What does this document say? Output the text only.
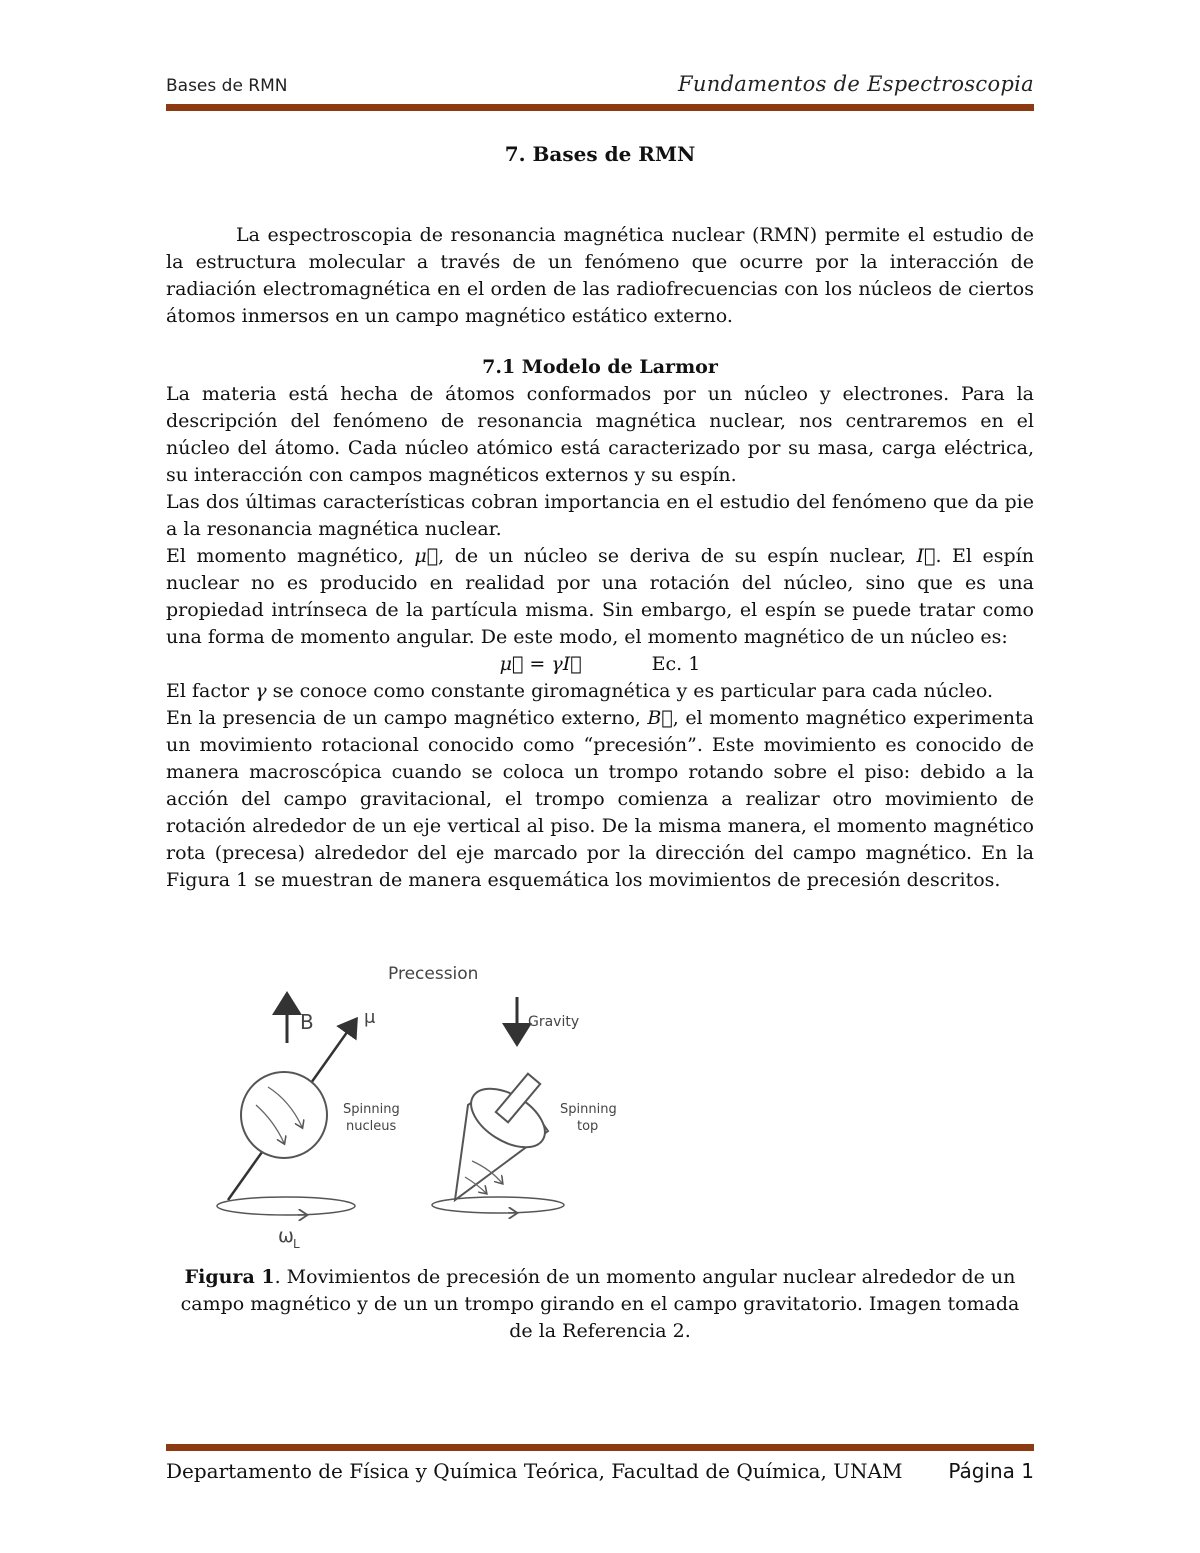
Bases de RMN	Fundamentos de Espectroscopia
7. Bases de RMN

La espectroscopia de resonancia magnética nuclear (RMN) permite el estudio de la estructura molecular a través de un fenómeno que ocurre por la interacción de radiación electromagnética en el orden de las radiofrecuencias con los núcleos de ciertos átomos inmersos en un campo magnético estático externo.

7.1 Modelo de Larmor

La materia está hecha de átomos conformados por un núcleo y electrones. Para la descripción del fenómeno de resonancia magnética nuclear, nos centraremos en el núcleo del átomo. Cada núcleo atómico está caracterizado por su masa, carga eléctrica, su interacción con campos magnéticos externos y su espín.

Las dos últimas características cobran importancia en el estudio del fenómeno que da pie a la resonancia magnética nuclear.

El momento magnético, μ⃗, de un núcleo se deriva de su espín nuclear, I⃗. El espín nuclear no es producido en realidad por una rotación del núcleo, sino que es una propiedad intrínseca de la partícula misma. Sin embargo, el espín se puede tratar como una forma de momento angular. De este modo, el momento magnético de un núcleo es:

μ⃗ = γI⃗	Ec. 1

El factor γ se conoce como constante giromagnética y es particular para cada núcleo.

En la presencia de un campo magnético externo, B⃗, el momento magnético experimenta un movimiento rotacional conocido como “precesión”. Este movimiento es conocido de manera macroscópica cuando se coloca un trompo rotando sobre el piso: debido a la acción del campo gravitacional, el trompo comienza a realizar otro movimiento de rotación alrededor de un eje vertical al piso. De la misma manera, el momento magnético rota (precesa) alrededor del eje marcado por la dirección del campo magnético. En la Figura 1 se muestran de manera esquemática los movimientos de precesión descritos.

Precession
B	μ
Spinning
nucleus
ω L
Gravity
Spinning
top
Figura 1. Movimientos de precesión de un momento angular nuclear alrededor de un campo magnético y de un un trompo girando en el campo gravitatorio. Imagen tomada de la Referencia 2.
Departamento de Física y Química Teórica, Facultad de Química, UNAM Página 1
